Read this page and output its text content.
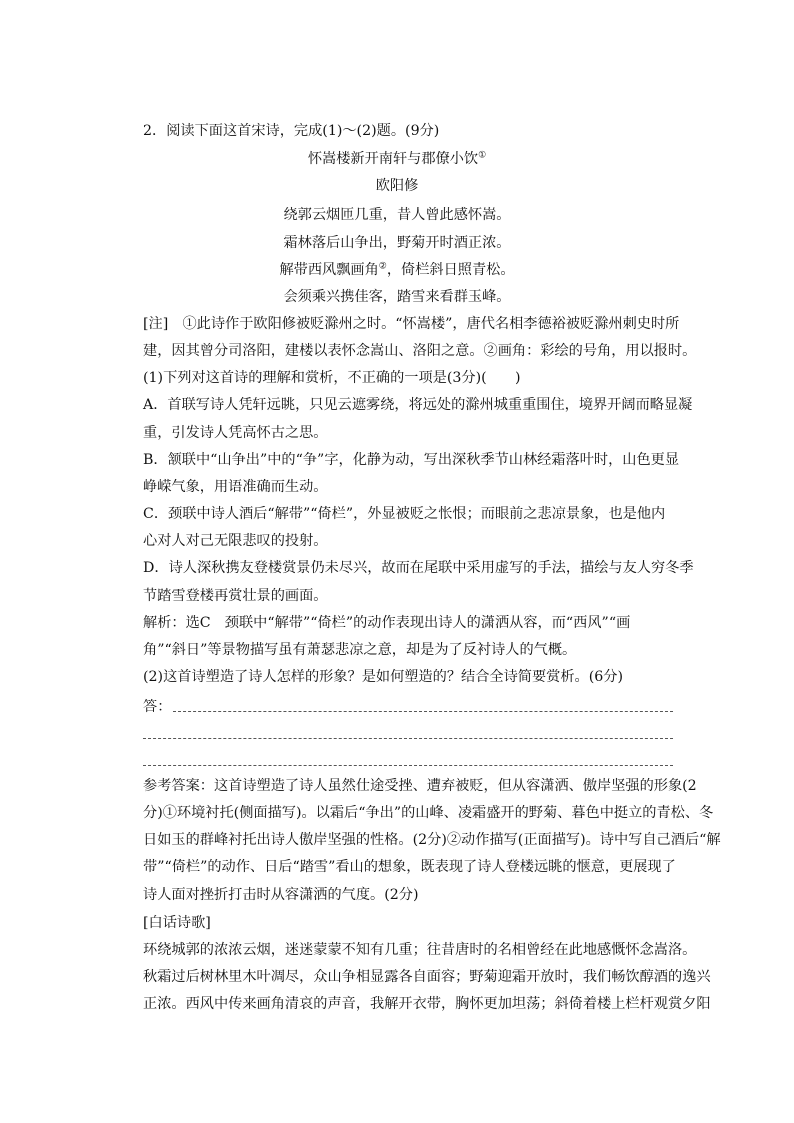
2．阅读下面这首宋诗，完成(1)～(2)题。(9分)
怀嵩楼新开南轩与郡僚小饮①
欧阳修
绕郭云烟匝几重，昔人曾此感怀嵩。
霜林落后山争出，野菊开时酒正浓。
解带西风飘画角②，倚栏斜日照青松。
会须乘兴携佳客，踏雪来看群玉峰。
[注]　①此诗作于欧阳修被贬滁州之时。“怀嵩楼”，唐代名相李德裕被贬滁州刺史时所
建，因其曾分司洛阳，建楼以表怀念嵩山、洛阳之意。②画角：彩绘的号角，用以报时。
(1)下列对这首诗的理解和赏析，不正确的一项是(3分)(　　)
A．首联写诗人凭轩远眺，只见云遮雾绕，将远处的滁州城重重围住，境界开阔而略显凝
重，引发诗人凭高怀古之思。
B．颔联中“山争出”中的“争”字，化静为动，写出深秋季节山林经霜落叶时，山色更显
峥嵘气象，用语准确而生动。
C．颈联中诗人酒后“解带”“倚栏”，外显被贬之怅恨；而眼前之悲凉景象，也是他内
心对人对己无限悲叹的投射。
D．诗人深秋携友登楼赏景仍未尽兴，故而在尾联中采用虚写的手法，描绘与友人穷冬季
节踏雪登楼再赏壮景的画面。
解析：选C　颈联中“解带”“倚栏”的动作表现出诗人的潇洒从容，而“西风”“画
角”“斜日”等景物描写虽有萧瑟悲凉之意，却是为了反衬诗人的气概。
(2)这首诗塑造了诗人怎样的形象？是如何塑造的？结合全诗简要赏析。(6分)
答：
参考答案：这首诗塑造了诗人虽然仕途受挫、遭弃被贬，但从容潇洒、傲岸坚强的形象(2
分)①环境衬托(侧面描写)。以霜后“争出”的山峰、凌霜盛开的野菊、暮色中挺立的青松、冬
日如玉的群峰衬托出诗人傲岸坚强的性格。(2分)②动作描写(正面描写)。诗中写自己酒后“解
带”“倚栏”的动作、日后“踏雪”看山的想象，既表现了诗人登楼远眺的惬意，更展现了
诗人面对挫折打击时从容潇洒的气度。(2分)
[白话诗歌]
环绕城郭的浓浓云烟，迷迷蒙蒙不知有几重；往昔唐时的名相曾经在此地感慨怀念嵩洛。
秋霜过后树林里木叶凋尽，众山争相显露各自面容；野菊迎霜开放时，我们畅饮醇酒的逸兴
正浓。西风中传来画角清哀的声音，我解开衣带，胸怀更加坦荡；斜倚着楼上栏杆观赏夕阳
